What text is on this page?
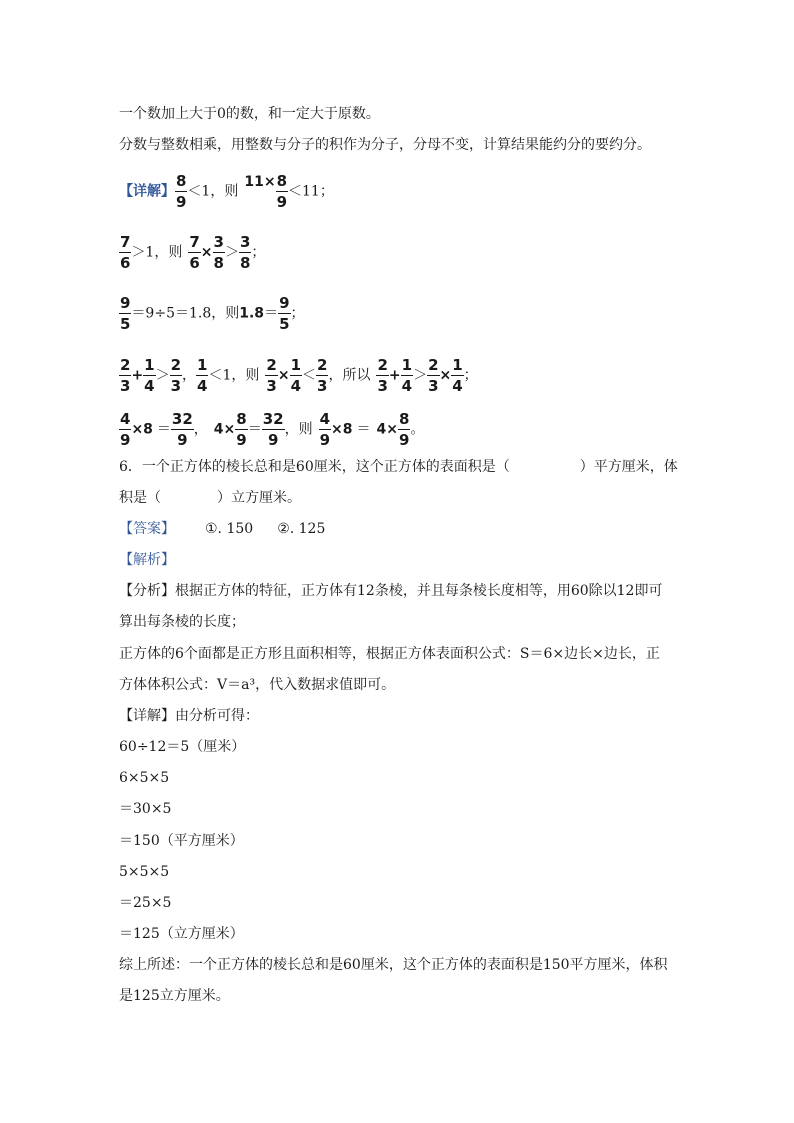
一个数加上大于0的数，和一定大于原数。
分数与整数相乘，用整数与分子的积作为分子，分母不变，计算结果能约分的要约分。
【详解】 $\frac{8}{9} <1$，则$11\times \frac{8}{9} <11$；
$\frac{7}{6} >1$，则 $\frac{7}{6} \times \frac{3}{8} > \frac{3}{8}$ ；
$\frac{9}{5} =9\div 5=1.8$，则$1.8= \frac{9}{5}$ ；
$\frac{2}{3} + \frac{1}{4} > \frac{2}{3}$ ， $\frac{1}{4} <1$，则 $\frac{2}{3} \times \frac{1}{4} < \frac{2}{3}$ ，所以 $\frac{2}{3} + \frac{1}{4} > \frac{2}{3} \times \frac{1}{4}$ ；
$\frac{4}{9} \times 8 = \frac{32}{9}$ ， $4\times \frac{8}{9} = \frac{32}{9}$ ，则 $\frac{4}{9} \times 8 = 4\times \frac{8}{9}$ 。
6．一个正方体的棱长总和是60厘米，这个正方体的表面积是（　　　　　）平方厘米，体
积是（　　　　）立方厘米。
【答案】 ①. 150 ②. 125
【解析】
【分析】根据正方体的特征，正方体有12条棱，并且每条棱长度相等，用60除以12即可
算出每条棱的长度；
正方体的6个面都是正方形且面积相等，根据正方体表面积公式：S＝6×边长×边长，正
方体体积公式：V＝a³，代入数据求值即可。
【详解】由分析可得：
60÷12＝5（厘米）
6×5×5
＝30×5
＝150（平方厘米）
5×5×5
＝25×5
＝125（立方厘米）
综上所述：一个正方体的棱长总和是60厘米，这个正方体的表面积是150平方厘米，体积
是125立方厘米。
